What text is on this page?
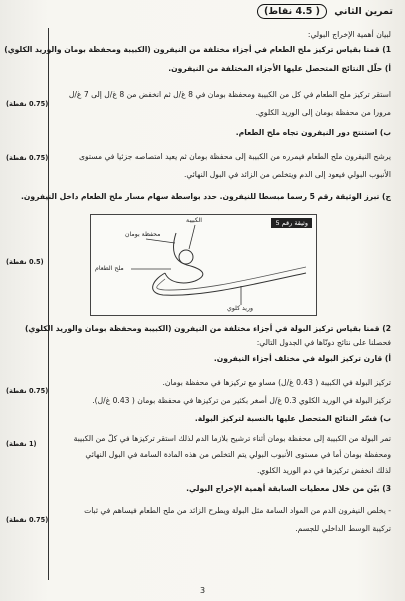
تمرين الثاني ( 4.5 نقاط)
لبيان أهمية الإخراج البولي:
1) قمنا بقياس تركيز ملح الطعام في أجزاء مختلفة من النيفرون (الكبيبة ومحفظة بومان والوريد الكلوي)
أ) حلّل النتائج المتحصل عليها الأجزاء المختلفة من النيفرون.
استقر تركيز ملح الطعام في كل من الكبيبة ومحفظة بومان في 8 غ/ل ثم انخفض من 8 غ/ل إلى 7 غ/ل
مرورا من محفظة بومان إلى الوريد الكلوي.
ب) استنتج دور النيفرون تجاه ملح الطعام.
يرشح النيفرون ملح الطعام فيمرره من الكبيبة إلى محفظة بومان ثم يعيد امتصاصه جزئيا في مستوى
الأنبوب البولي فيعود إلى الدم ويتخلص من الزائد في البول النهائي.
ج) تبرز الوثيقة رقم 5 رسما مبسطا للنيفرون. حدد بواسطة سهام مسار ملح الطعام داخل النيفرون.
وثيقة رقم 5
الكبيبة
محفظة بومان
ملح الطعام
وريد كلوي
2) قمنا بقياس تركيز البولة في أجزاء مختلفة من النيفرون (الكبيبة ومحفظة بومان والوريد الكلوي)
فحصلنا على نتائج دونّاها في الجدول التالي:
أ) قارن تركيز البولة في مختلف أجزاء النيفرون.
تركيز البولة في الكبيبة ( 0.43 غ/ل) مساو مع تركيزها في محفظة بومان.
تركيز البولة في الوريد الكلوي 0.3 غ/ل أصغر بكثير من تركيزها في محفظة بومان ( 0.43 غ/ل).
ب) فسّر النتائج المتحصل عليها بالنسبة لتركيز البولة.
تمر البولة من الكبيبة إلى محفظة بومان أثناء ترشيح بلازما الدم لذلك استقر تركيزها في كلّ من الكبيبة
ومحفظة بومان أما في مستوى الأنبوب البولي يتم التخلص من هذه المادة السامة في البول النهائي
لذلك انخفض تركيزها في دم الوريد الكلوي.
3) بيّن من خلال معطيات السابقة أهمية الإخراج البولي.
- يخلص النيفرون الدم من المواد السامة مثل البولة ويطرح الزائد من ملح الطعام فيساهم في ثبات
تركيبة الوسط الداخلي للجسم.
(0.75 نقطة)
(0.75 نقطة)
(0.5 نقطة)
(0.75 نقطة)
(1 نقطة)
(0.75 نقطة)
3
